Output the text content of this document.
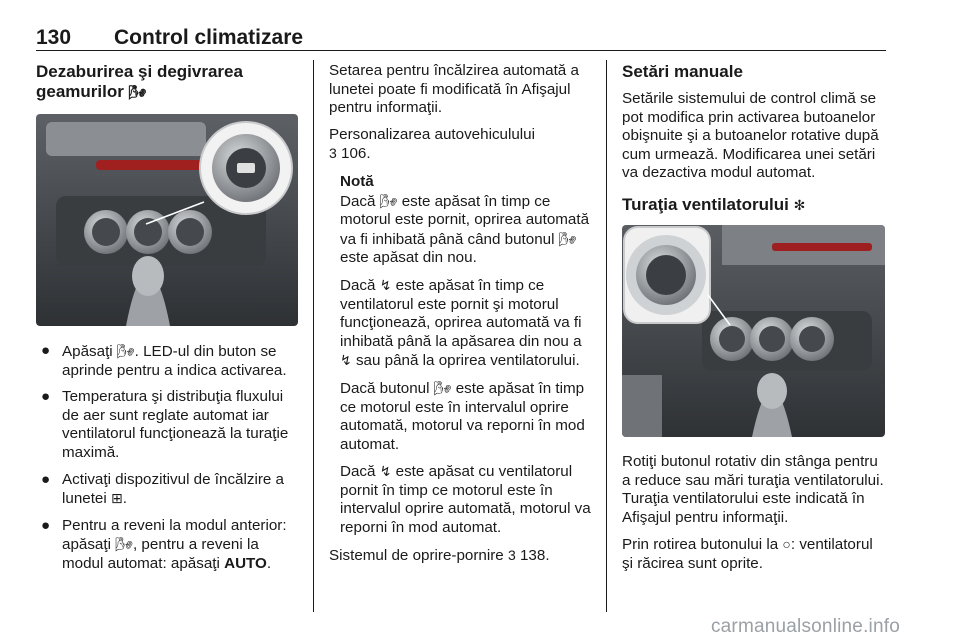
130 Control climatizare
Dezaburirea şi degivrarea
geamurilor 🌬
● Apăsaţi 🌬. LED-ul din buton se aprinde pentru a indica activarea.
● Temperatura şi distribuţia fluxului de aer sunt reglate automat iar ventilatorul funcţionează la turaţie maximă.
● Activaţi dispozitivul de încălzire a lunetei ⊞.
● Pentru a reveni la modul anterior: apăsaţi 🌬, pentru a reveni la modul automat: apăsaţi AUTO.

Setarea pentru încălzirea automată a lunetei poate fi modificată în Afişajul pentru informaţii.

Personalizarea autovehiculului
3 106.

Notă

Dacă 🌬 este apăsat în timp ce motorul este pornit, oprirea automată va fi inhibată până când butonul 🌬 este apăsat din nou.

Dacă ↯ este apăsat în timp ce ventilatorul este pornit şi motorul funcţionează, oprirea automată va fi inhibată până la apăsarea din nou a ↯ sau până la oprirea ventilatorului.

Dacă butonul 🌬 este apăsat în timp ce motorul este în intervalul oprire automată, motorul va reporni în mod automat.

Dacă ↯ este apăsat cu ventilatorul pornit în timp ce motorul este în intervalul oprire automată, motorul va reporni în mod automat.

Sistemul de oprire-pornire 3 138.

Setări manuale

Setările sistemului de control climă se pot modifica prin activarea butoanelor obişnuite şi a butoanelor rotative după cum urmează. Modificarea unei setări va dezactiva modul automat.

Turaţia ventilatorului ✻

Rotiţi butonul rotativ din stânga pentru a reduce sau mări turaţia ventilatorului. Turaţia ventilatorului este indicată în Afişajul pentru informaţii.

Prin rotirea butonului la ○: ventilatorul şi răcirea sunt oprite.

carmanualsonline.info
